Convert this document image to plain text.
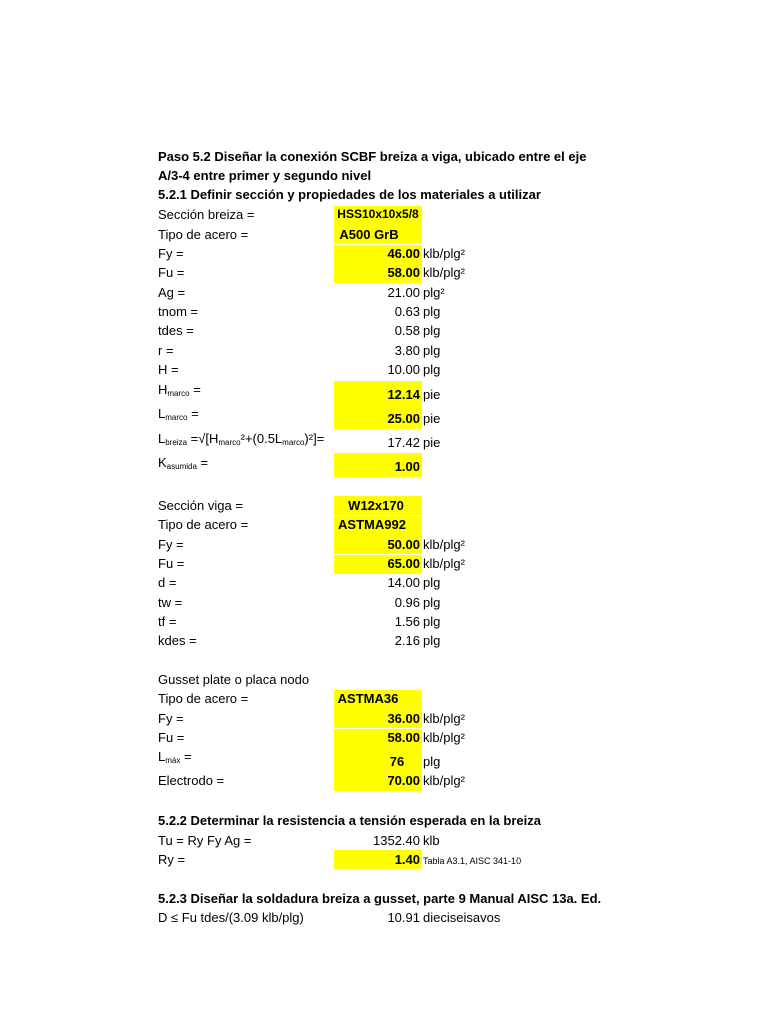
Paso 5.2 Diseñar la conexión SCBF breiza a viga, ubicado entre el eje
A/3-4 entre primer y segundo nivel
5.2.1 Definir sección y propiedades de los materiales a utilizar
Sección breiza =	HSS10x10x5/8
Tipo de acero =	A500 GrB
Fy =	46.00 klb/plg²
Fu =	58.00 klb/plg²
Ag =	21.00 plg²
tnom =	0.63 plg
tdes =	0.58 plg
r =	3.80 plg
H =	10.00 plg
$H_{marco}$ =	12.14 pie
$L_{marco}$ =	25.00 pie
$L_{breiza} =√[H_{marco}^2+(0.5L_{marco})^2]=$	17.42 pie
$K_{asumida}$ =	1.00
Sección viga =	W12x170
Tipo de acero =	ASTMA992
Fy =	50.00 klb/plg²
Fu =	65.00 klb/plg²
d =	14.00 plg
tw =	0.96 plg
tf =	1.56 plg
kdes =	2.16 plg
Gusset plate o placa nodo
Tipo de acero =	ASTMA36
Fy =	36.00 klb/plg²
Fu =	58.00 klb/plg²
$L_{máx}$ =	76	plg
Electrodo =	70.00 klb/plg²
5.2.2 Determinar la resistencia a tensión esperada en la breiza
Tu = Ry Fy Ag =	1352.40 klb
Ry =	1.40 Tabla A3.1, AISC 341-10
5.2.3 Diseñar la soldadura breiza a gusset, parte 9 Manual AISC 13a. Ed.
D ≤ Fu tdes/(3.09 klb/plg)	10.91 dieciseisavos
